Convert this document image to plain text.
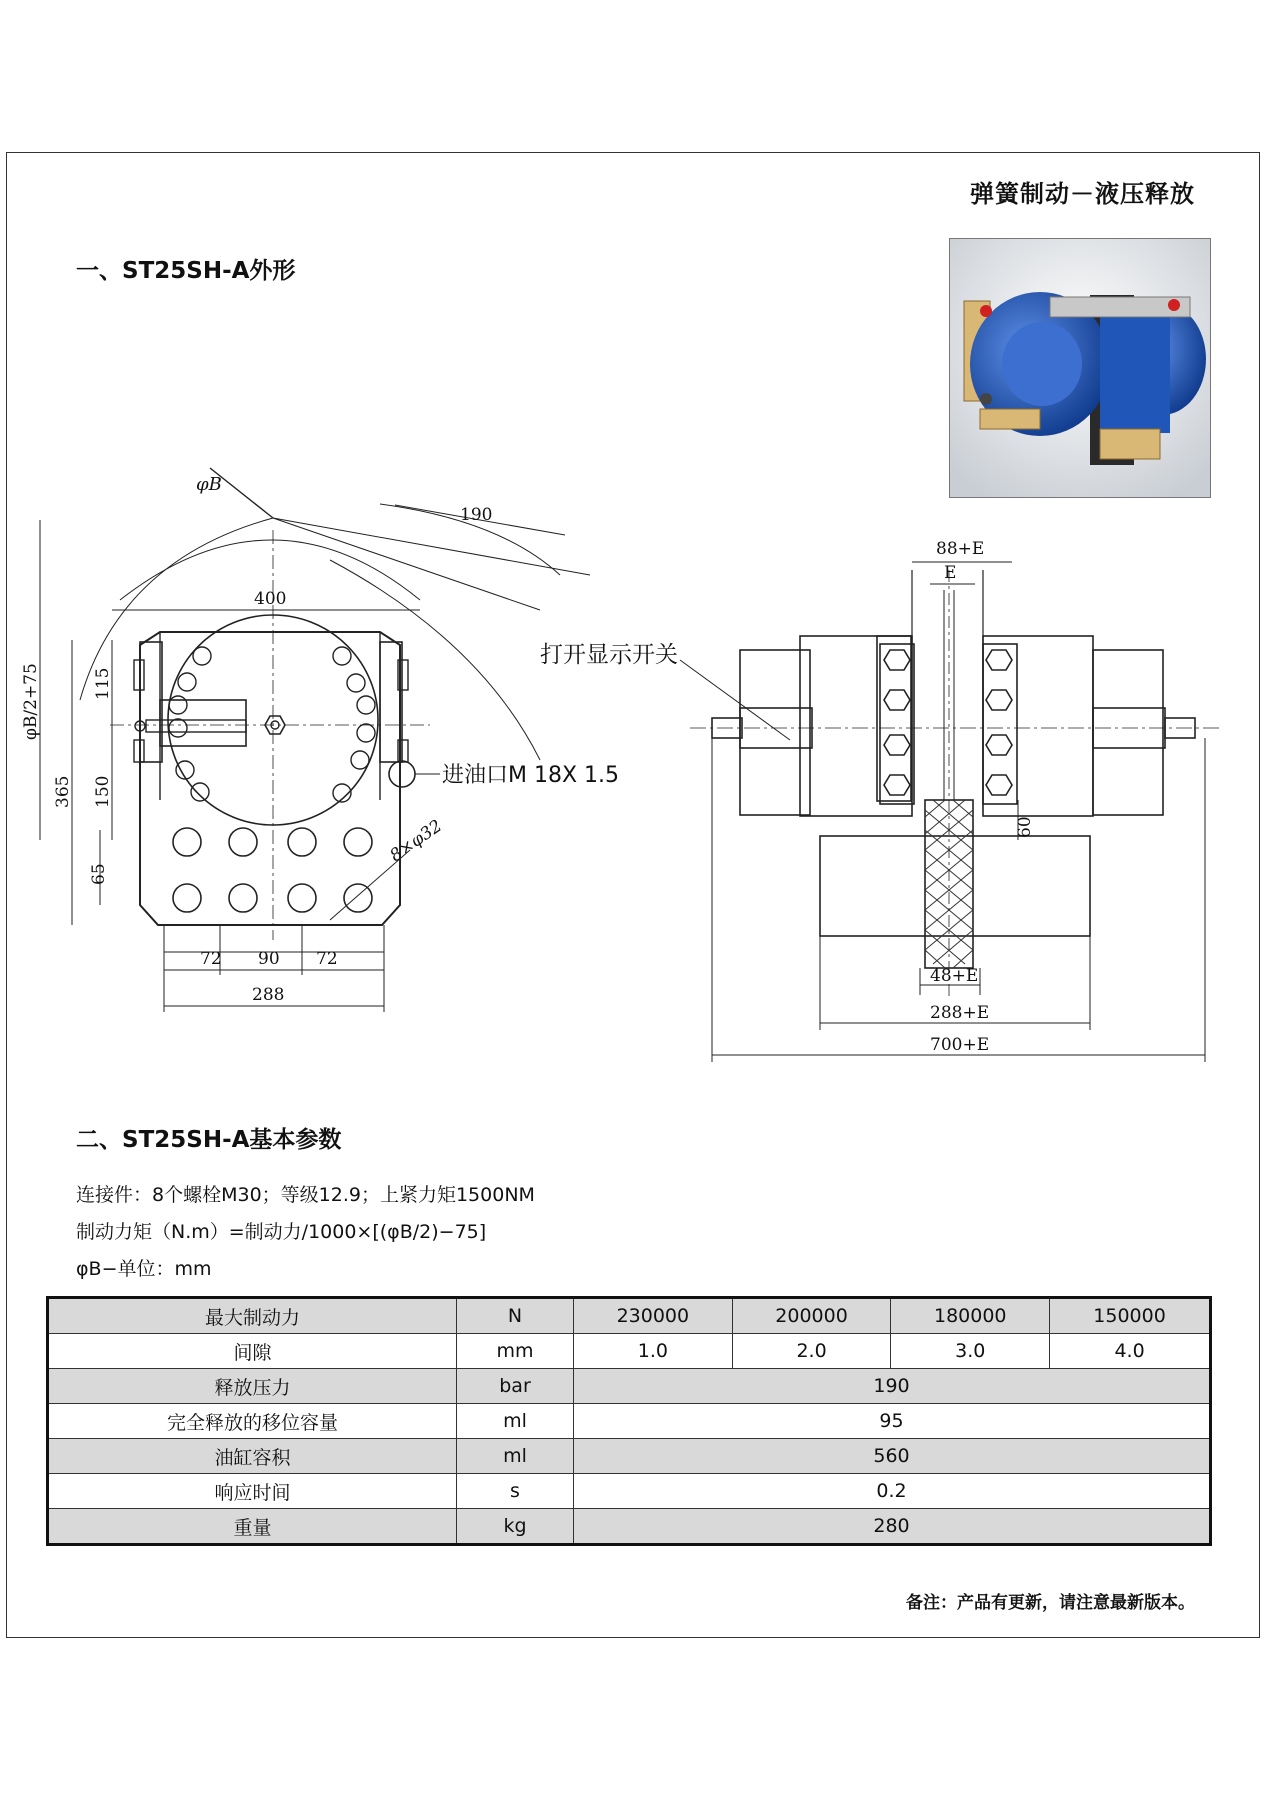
弹簧制动－液压释放
一、ST25SH-A外形
φB
190
400
115
150
65
365
φB/2+75
8×φ32
进油口M 18X 1.5
72 90 72
288
打开显示开关
88+E
E
60
48+E
288+E
700+E
二、ST25SH-A基本参数
连接件：8个螺栓M30；等级12.9；上紧力矩1500NM
制动力矩（N.m）=制动力/1000×[(φB/2)−75]
φB−单位：mm
最大制动力	N	230000	200000	180000	150000
间隙	mm	1.0	2.0	3.0	4.0
释放压力	bar	190			
完全释放的移位容量	ml	95			
油缸容积	ml	560			
响应时间	s	0.2			
重量	kg	280			
备注：产品有更新，请注意最新版本。
